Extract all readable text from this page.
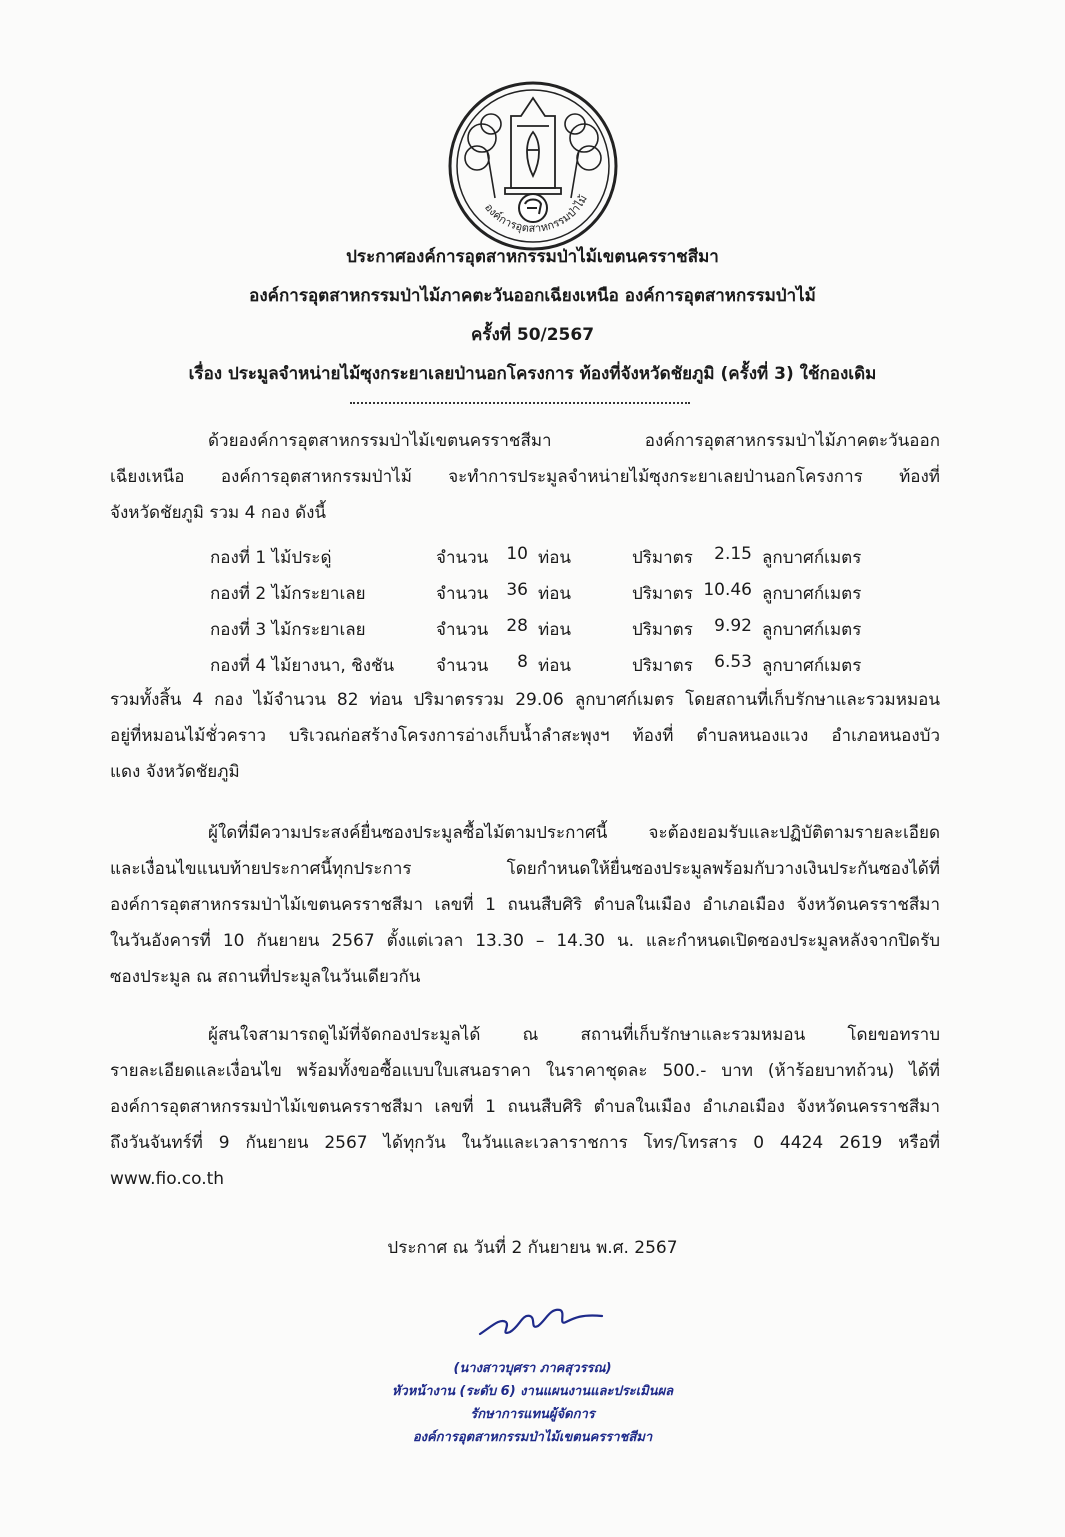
องค์การอุตสาหกรรมป่าไม้
ประกาศองค์การอุตสาหกรรมป่าไม้เขตนครราชสีมา
องค์การอุตสาหกรรมป่าไม้ภาคตะวันออกเฉียงเหนือ องค์การอุตสาหกรรมป่าไม้
ครั้งที่ 50/2567
เรื่อง ประมูลจำหน่ายไม้ซุงกระยาเลยป่านอกโครงการ ท้องที่จังหวัดชัยภูมิ (ครั้งที่ 3) ใช้กองเดิม
ด้วยองค์การอุตสาหกรรมป่าไม้เขตนครราชสีมา องค์การอุตสาหกรรมป่าไม้ภาคตะวันออก
เฉียงเหนือ องค์การอุตสาหกรรมป่าไม้ จะทำการประมูลจำหน่ายไม้ซุงกระยาเลยป่านอกโครงการ ท้องที่
จังหวัดชัยภูมิ รวม 4 กอง ดังนี้
กองที่ 1 ไม้ประดู่	จำนวน	10 ท่อน	ปริมาตร	2.15 ลูกบาศก์เมตร
กองที่ 2 ไม้กระยาเลย	จำนวน	36 ท่อน	ปริมาตร 10.46 ลูกบาศก์เมตร
กองที่ 3 ไม้กระยาเลย	จำนวน	28 ท่อน	ปริมาตร	9.92 ลูกบาศก์เมตร
กองที่ 4 ไม้ยางนา, ชิงชัน จำนวน	8 ท่อน	ปริมาตร	6.53 ลูกบาศก์เมตร
รวมทั้งสิ้น 4 กอง ไม้จำนวน 82 ท่อน ปริมาตรรวม 29.06 ลูกบาศก์เมตร โดยสถานที่เก็บรักษาและรวมหมอน
อยู่ที่หมอนไม้ชั่วคราว บริเวณก่อสร้างโครงการอ่างเก็บน้ำลำสะพุงฯ ท้องที่ ตำบลหนองแวง อำเภอหนองบัว
แดง จังหวัดชัยภูมิ
ผู้ใดที่มีความประสงค์ยื่นซองประมูลซื้อไม้ตามประกาศนี้ จะต้องยอมรับและปฏิบัติตามรายละเอียด
และเงื่อนไขแนบท้ายประกาศนี้ทุกประการ โดยกำหนดให้ยื่นซองประมูลพร้อมกับวางเงินประกันซองได้ที่
องค์การอุตสาหกรรมป่าไม้เขตนครราชสีมา เลขที่ 1 ถนนสืบศิริ ตำบลในเมือง อำเภอเมือง จังหวัดนครราชสีมา
ในวันอังคารที่ 10 กันยายน 2567 ตั้งแต่เวลา 13.30 – 14.30 น. และกำหนดเปิดซองประมูลหลังจากปิดรับ
ซองประมูล ณ สถานที่ประมูลในวันเดียวกัน
ผู้สนใจสามารถดูไม้ที่จัดกองประมูลได้ ณ สถานที่เก็บรักษาและรวมหมอน โดยขอทราบ
รายละเอียดและเงื่อนไข พร้อมทั้งขอซื้อแบบใบเสนอราคา ในราคาชุดละ 500.- บาท (ห้าร้อยบาทถ้วน) ได้ที่
องค์การอุตสาหกรรมป่าไม้เขตนครราชสีมา เลขที่ 1 ถนนสืบศิริ ตำบลในเมือง อำเภอเมือง จังหวัดนครราชสีมา
ถึงวันจันทร์ที่ 9 กันยายน 2567 ได้ทุกวัน ในวันและเวลาราชการ โทร/โทรสาร 0 4424 2619 หรือที่
www.fio.co.th
ประกาศ ณ วันที่ 2 กันยายน พ.ศ. 2567
(นางสาวบุศรา ภาคสุวรรณ)
หัวหน้างาน (ระดับ 6) งานแผนงานและประเมินผล
รักษาการแทนผู้จัดการ
องค์การอุตสาหกรรมป่าไม้เขตนครราชสีมา
